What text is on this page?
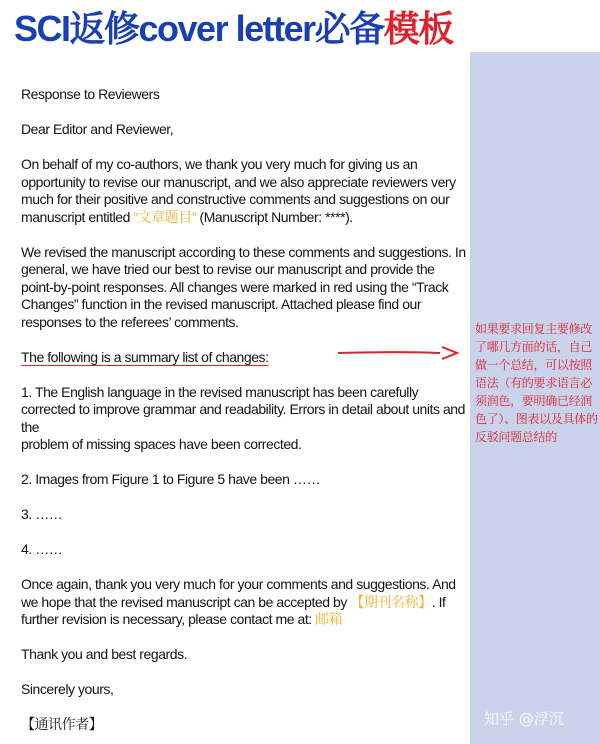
SCI返修cover letter必备模板

Response to Reviewers

Dear Editor and Reviewer,

On behalf of my co-authors, we thank you very much for giving us an opportunity to revise our manuscript, and we also appreciate reviewers very much for their positive and constructive comments and suggestions on our manuscript entitled “文章题目” (Manuscript Number: ****).

We revised the manuscript according to these comments and suggestions. In general, we have tried our best to revise our manuscript and provide the point-by-point responses. All changes were marked in red using the “Track Changes” function in the revised manuscript. Attached please find our responses to the referees’ comments.

The following is a summary list of changes:

1. The English language in the revised manuscript has been carefully corrected to improve grammar and readability. Errors in detail about units and the

problem of missing spaces have been corrected.

2. Images from Figure 1 to Figure 5 have been ……

3. ……

4. ……

Once again, thank you very much for your comments and suggestions. And we hope that the revised manuscript can be accepted by 【期刊名称】. If further revision is necessary, please contact me at: 邮箱

Thank you and best regards.

Sincerely yours,

【通讯作者】

如果要求回复主要修改了哪几方面的话，自己做一个总结，可以按照语法（有的要求语言必须润色，要明确已经润色了）、图表以及具体的反驳问题总结的
知乎 @浮沉
